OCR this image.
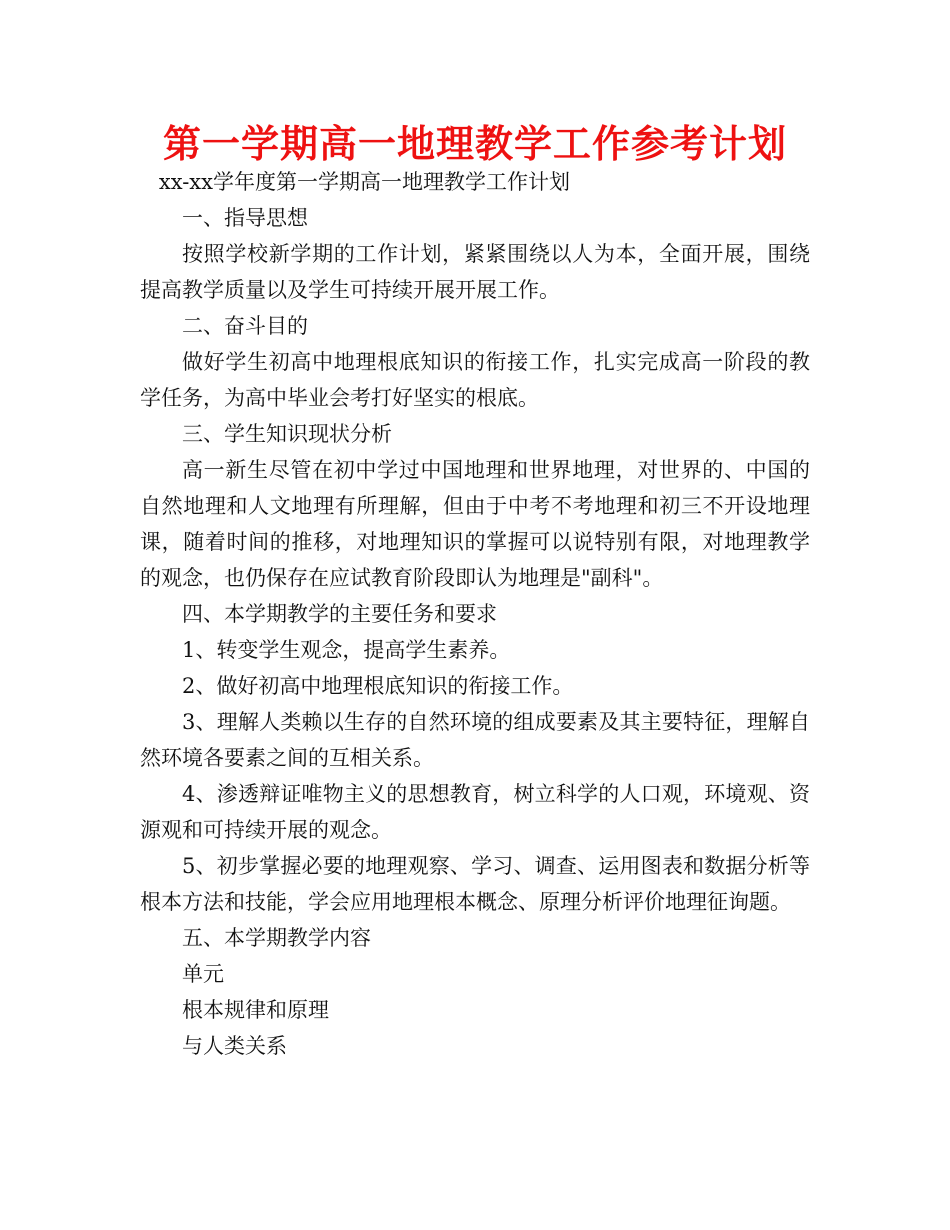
第一学期高一地理教学工作参考计划

xx-xx学年度第一学期高一地理教学工作计划

一、指导思想

按照学校新学期的工作计划，紧紧围绕以人为本，全面开展，围绕提高教学质量以及学生可持续开展开展工作。

二、奋斗目的

做好学生初高中地理根底知识的衔接工作，扎实完成高一阶段的教学任务，为高中毕业会考打好坚实的根底。

三、学生知识现状分析

高一新生尽管在初中学过中国地理和世界地理，对世界的、中国的自然地理和人文地理有所理解，但由于中考不考地理和初三不开设地理课，随着时间的推移，对地理知识的掌握可以说特别有限，对地理教学的观念，也仍保存在应试教育阶段即认为地理是"副科"。

四、本学期教学的主要任务和要求

1、转变学生观念，提高学生素养。

2、做好初高中地理根底知识的衔接工作。

3、理解人类赖以生存的自然环境的组成要素及其主要特征，理解自然环境各要素之间的互相关系。

4、渗透辩证唯物主义的思想教育，树立科学的人口观，环境观、资源观和可持续开展的观念。

5、初步掌握必要的地理观察、学习、调查、运用图表和数据分析等根本方法和技能，学会应用地理根本概念、原理分析评价地理征询题。

五、本学期教学内容

单元

根本规律和原理

与人类关系
